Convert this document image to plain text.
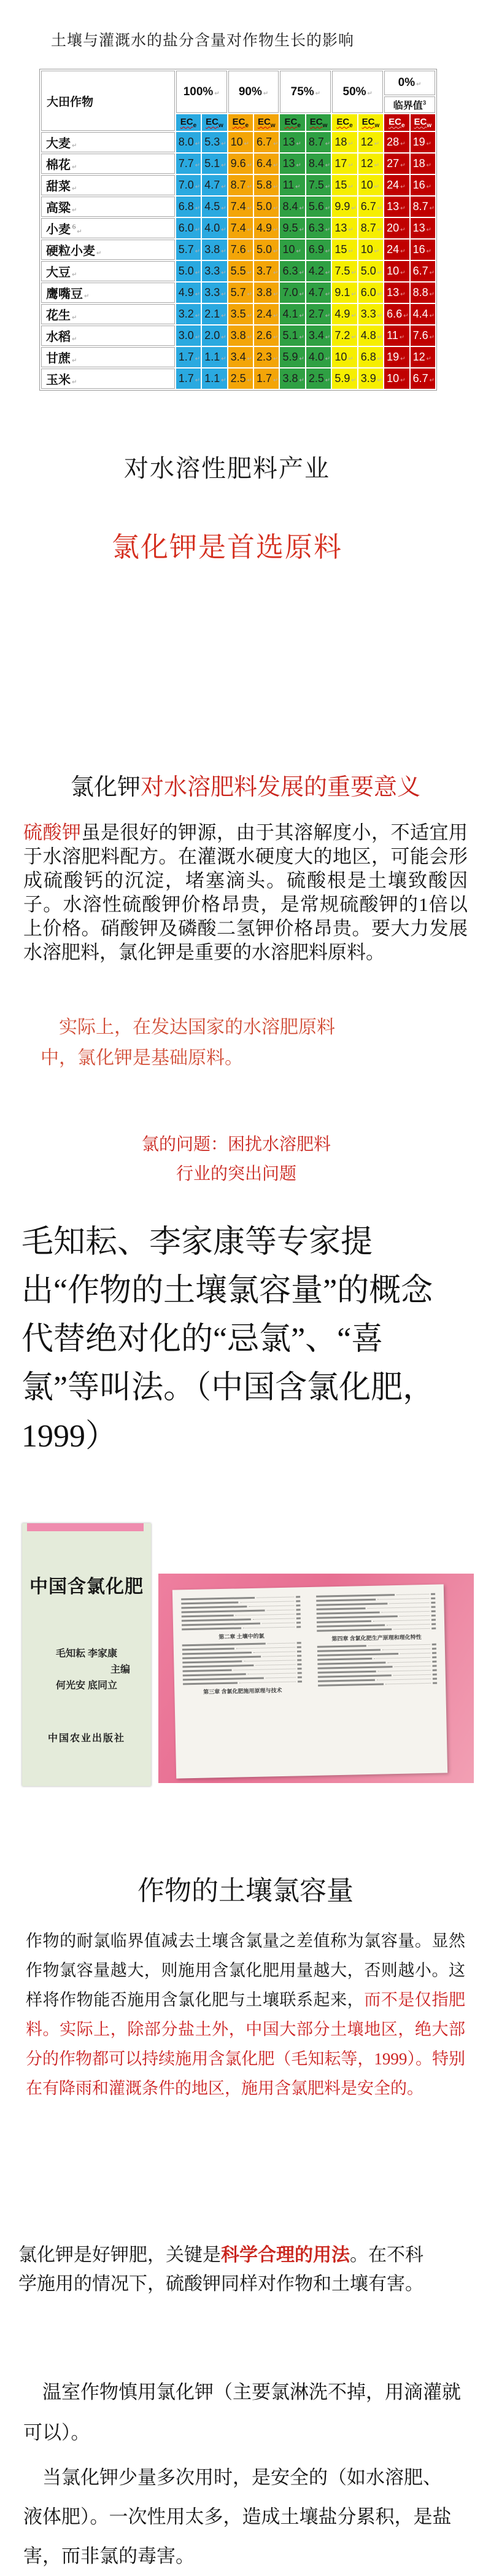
土壤与灌溉水的盐分含量对作物生长的影响
大田作物	100% ↵		90% ↵		75% ↵		50% ↵		0% ↵
									临界值$^3$
	$EC_e$	$EC_w$	$EC_e$	$EC_w$	$EC_e$	$EC_w$	$EC_e$	$EC_w$	$EC_e$	$EC_w$
大麦 ↵	8.0 ↵	5.3 ↵	10 ↵	6.7 ↵	13 ↵	8.7 ↵	18 ↵	12 ↵	28 ↵	19 ↵
棉花 ↵	7.7 ↵	5.1 ↵	9.6 ↵	6.4 ↵	13 ↵	8.4 ↵	17 ↵	12 ↵	27 ↵	18 ↵
甜菜 ↵	7.0 ↵	4.7 ↵	8.7 ↵	5.8 ↵	11 ↵	7.5 ↵	15 ↵	10 ↵	24 ↵	16 ↵
高粱 ↵	6.8 ↵	4.5 ↵	7.4 ↵	5.0 ↵	8.4 ↵	5.6 ↵	9.9 ↵	6.7 ↵	13 ↵	8.7 ↵
小麦 $^6$ ↵	6.0 ↵	4.0 ↵	7.4 ↵	4.9 ↵	9.5 ↵	6.3 ↵	13 ↵	8.7 ↵	20 ↵	13 ↵
硬粒小麦 ↵	5.7 ↵	3.8 ↵	7.6 ↵	5.0 ↵	10 ↵	6.9 ↵	15 ↵	10 ↵	24 ↵	16 ↵
大豆 ↵	5.0 ↵	3.3 ↵	5.5 ↵	3.7 ↵	6.3 ↵	4.2 ↵	7.5 ↵	5.0 ↵	10 ↵	6.7 ↵
鹰嘴豆 ↵	4.9 ↵	3.3 ↵	5.7 ↵	3.8 ↵	7.0 ↵	4.7 ↵	9.1 ↵	6.0 ↵	13 ↵	8.8 ↵
花生 ↵	3.2 ↵	2.1 ↵	3.5 ↵	2.4 ↵	4.1 ↵	2.7 ↵	4.9 ↵	3.3 ↵	6.6 ↵	4.4 ↵
水稻 ↵	3.0 ↵	2.0 ↵	3.8 ↵	2.6 ↵	5.1 ↵	3.4 ↵	7.2 ↵	4.8 ↵	11 ↵	7.6 ↵
甘蔗 ↵	1.7 ↵	1.1 ↵	3.4 ↵	2.3 ↵	5.9 ↵	4.0 ↵	10 ↵	6.8 ↵	19 ↵	12 ↵
玉米 ↵	1.7 ↵	1.1 ↵	2.5 ↵	1.7 ↵	3.8 ↵	2.5 ↵	5.9 ↵	3.9 ↵	10 ↵	6.7 ↵
对水溶性肥料产业
氯化钾是首选原料
氯化钾对水溶肥料发展的重要意义
硫酸钾虽是很好的钾源，由于其溶解度小，不适宜用于水溶肥料配方。在灌溉水硬度大的地区，可能会形成硫酸钙的沉淀，堵塞滴头。硫酸根是土壤致酸因子。水溶性硫酸钾价格昂贵，是常规硫酸钾的1倍以上价格。硝酸钾及磷酸二氢钾价格昂贵。要大力发展水溶肥料，氯化钾是重要的水溶肥料原料。
实际上，在发达国家的水溶肥原料中，氯化钾是基础原料。
氯的问题：困扰水溶肥料
行业的突出问题
毛知耘、李家康等专家提出“作物的土壤氯容量”的概念代替绝对化的“忌氯”、“喜氯”等叫法。（中国含氯化肥，1999）
中国含氯化肥
毛知耘 李家康
主编
何光安 底同立
中国农业出版社
第二章 土壤中的氯
第三章 含氯化肥施用原理与技术
第四章 含氯化肥生产原理和理化特性
作物的土壤氯容量
作物的耐氯临界值减去土壤含氯量之差值称为氯容量。显然作物氯容量越大，则施用含氯化肥用量越大，否则越小。这样将作物能否施用含氯化肥与土壤联系起来，而不是仅指肥料。实际上，除部分盐土外，中国大部分土壤地区，绝大部分的作物都可以持续施用含氯化肥（毛知耘等，1999）。特别在有降雨和灌溉条件的地区，施用含氯肥料是安全的。
氯化钾是好钾肥，关键是科学合理的用法。在不科学施用的情况下，硫酸钾同样对作物和土壤有害。
温室作物慎用氯化钾（主要氯淋洗不掉，用滴灌就可以）。
当氯化钾少量多次用时，是安全的（如水溶肥、液体肥）。一次性用太多，造成土壤盐分累积，是盐害，而非氯的毒害。
